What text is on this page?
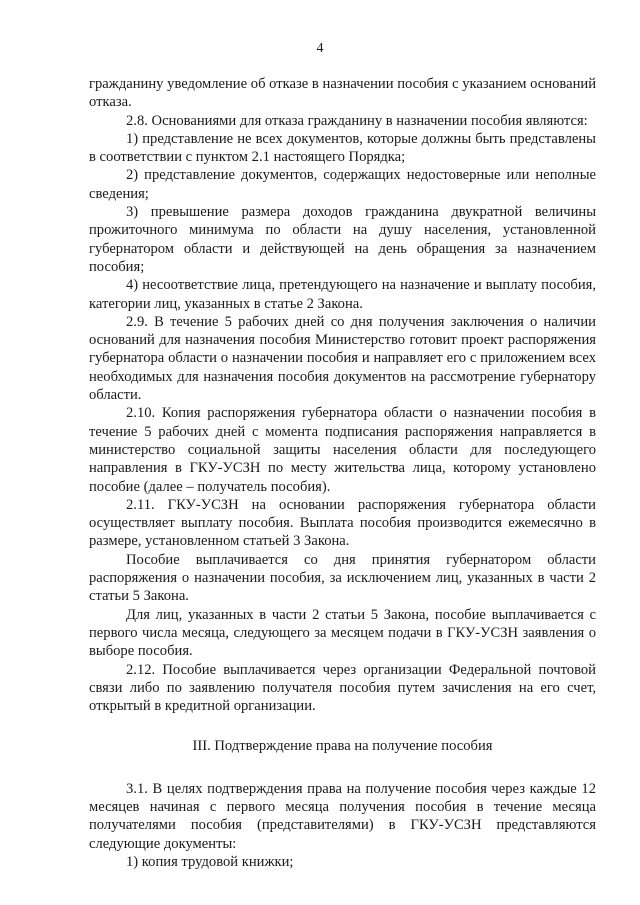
4

гражданину уведомление об отказе в назначении пособия с указанием оснований отказа.

2.8. Основаниями для отказа гражданину в назначении пособия являются:

1) представление не всех документов, которые должны быть представлены в соответствии с пунктом 2.1 настоящего Порядка;

2) представление документов, содержащих недостоверные или неполные сведения;

3) превышение размера доходов гражданина двукратной величины прожиточного минимума по области на душу населения, установленной губернатором области и действующей на день обращения за назначением пособия;

4) несоответствие лица, претендующего на назначение и выплату пособия, категории лиц, указанных в статье 2 Закона.

2.9. В течение 5 рабочих дней со дня получения заключения о наличии оснований для назначения пособия Министерство готовит проект распоряжения губернатора области о назначении пособия и направляет его с приложением всех необходимых для назначения пособия документов на рассмотрение губернатору области.

2.10. Копия распоряжения губернатора области о назначении пособия в течение 5 рабочих дней с момента подписания распоряжения направляется в министерство социальной защиты населения области для последующего направления в ГКУ-УСЗН по месту жительства лица, которому установлено пособие (далее – получатель пособия).

2.11. ГКУ-УСЗН на основании распоряжения губернатора области осуществляет выплату пособия. Выплата пособия производится ежемесячно в размере, установленном статьей 3 Закона.

Пособие выплачивается со дня принятия губернатором области распоряжения о назначении пособия, за исключением лиц, указанных в части 2 статьи 5 Закона.

Для лиц, указанных в части 2 статьи 5 Закона, пособие выплачивается с первого числа месяца, следующего за месяцем подачи в ГКУ-УСЗН заявления о выборе пособия.

2.12. Пособие выплачивается через организации Федеральной почтовой связи либо по заявлению получателя пособия путем зачисления на его счет, открытый в кредитной организации.

III. Подтверждение права на получение пособия

3.1. В целях подтверждения права на получение пособия через каждые 12 месяцев начиная с первого месяца получения пособия в течение месяца получателями пособия (представителями) в ГКУ-УСЗН представляются следующие документы:

1) копия трудовой книжки;
